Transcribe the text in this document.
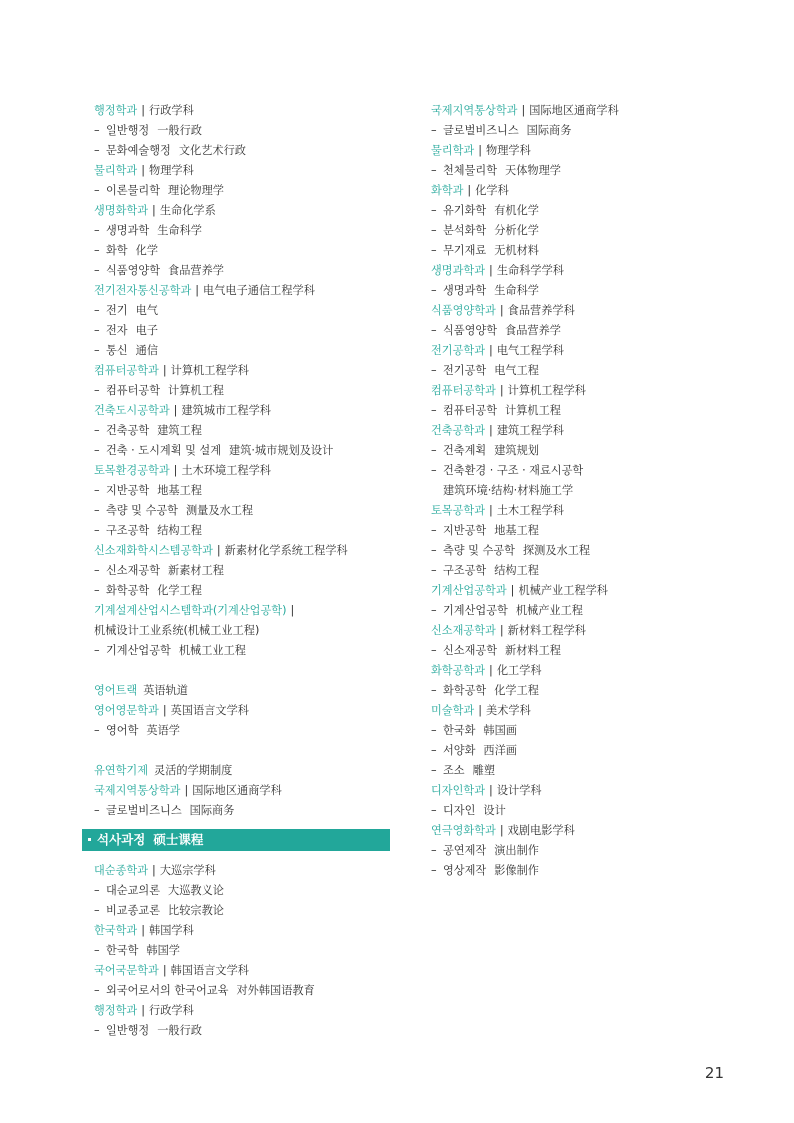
행정학과 | 行政学科
– 일반행정 一般行政
– 문화예술행정 文化艺术行政
물리학과 | 物理学科
– 이론물리학 理论物理学
생명화학과 | 生命化学系
– 생명과학 生命科学
– 화학 化学
– 식품영양학 食品营养学
전기전자통신공학과 | 电气电子通信工程学科
– 전기 电气
– 전자 电子
– 통신 通信
컴퓨터공학과 | 计算机工程学科
– 컴퓨터공학 计算机工程
건축도시공학과 | 建筑城市工程学科
– 건축공학 建筑工程
– 건축 · 도시계획 및 설계 建筑·城市规划及设计
토목환경공학과 | 土木环境工程学科
– 지반공학 地基工程
– 측량 및 수공학 测量及水工程
– 구조공학 结构工程
신소재화학시스템공학과 | 新素材化学系统工程学科
– 신소재공학 新素材工程
– 화학공학 化学工程
기계설계산업시스템학과(기계산업공학) |
机械设计工业系统(机械工业工程)
– 기계산업공학 机械工业工程
영어트랙 英语轨道
영어영문학과 | 英国语言文学科
– 영어학 英语学
유연학기제 灵活的学期制度
국제지역통상학과 | 国际地区通商学科
– 글로벌비즈니스 国际商务
석사과정 硕士课程
대순종학과 | 大巡宗学科
– 대순교의론 大巡教义论
– 비교종교론 比较宗教论
한국학과 | 韩国学科
– 한국학 韩国学
국어국문학과 | 韩国语言文学科
– 외국어로서의 한국어교육 对外韩国语教育
행정학과 | 行政学科
– 일반행정 一般行政
국제지역통상학과 | 国际地区通商学科
– 글로벌비즈니스 国际商务
물리학과 | 物理学科
– 천체물리학 天体物理学
화학과 | 化学科
– 유기화학 有机化学
– 분석화학 分析化学
– 무기재료 无机材料
생명과학과 | 生命科学学科
– 생명과학 生命科学
식품영양학과 | 食品营养学科
– 식품영양학 食品营养学
전기공학과 | 电气工程学科
– 전기공학 电气工程
컴퓨터공학과 | 计算机工程学科
– 컴퓨터공학 计算机工程
건축공학과 | 建筑工程学科
– 건축계획 建筑规划
– 건축환경 · 구조 · 재료시공학
建筑环境·结构·材料施工学
토목공학과 | 土木工程学科
– 지반공학 地基工程
– 측량 및 수공학 探测及水工程
– 구조공학 结构工程
기계산업공학과 | 机械产业工程学科
– 기계산업공학 机械产业工程
신소재공학과 | 新材料工程学科
– 신소재공학 新材料工程
화학공학과 | 化工学科
– 화학공학 化学工程
미술학과 | 美术学科
– 한국화 韩国画
– 서양화 西洋画
– 조소 雕塑
디자인학과 | 设计学科
– 디자인 设计
연극영화학과 | 戏剧电影学科
– 공연제작 演出制作
– 영상제작 影像制作
21
